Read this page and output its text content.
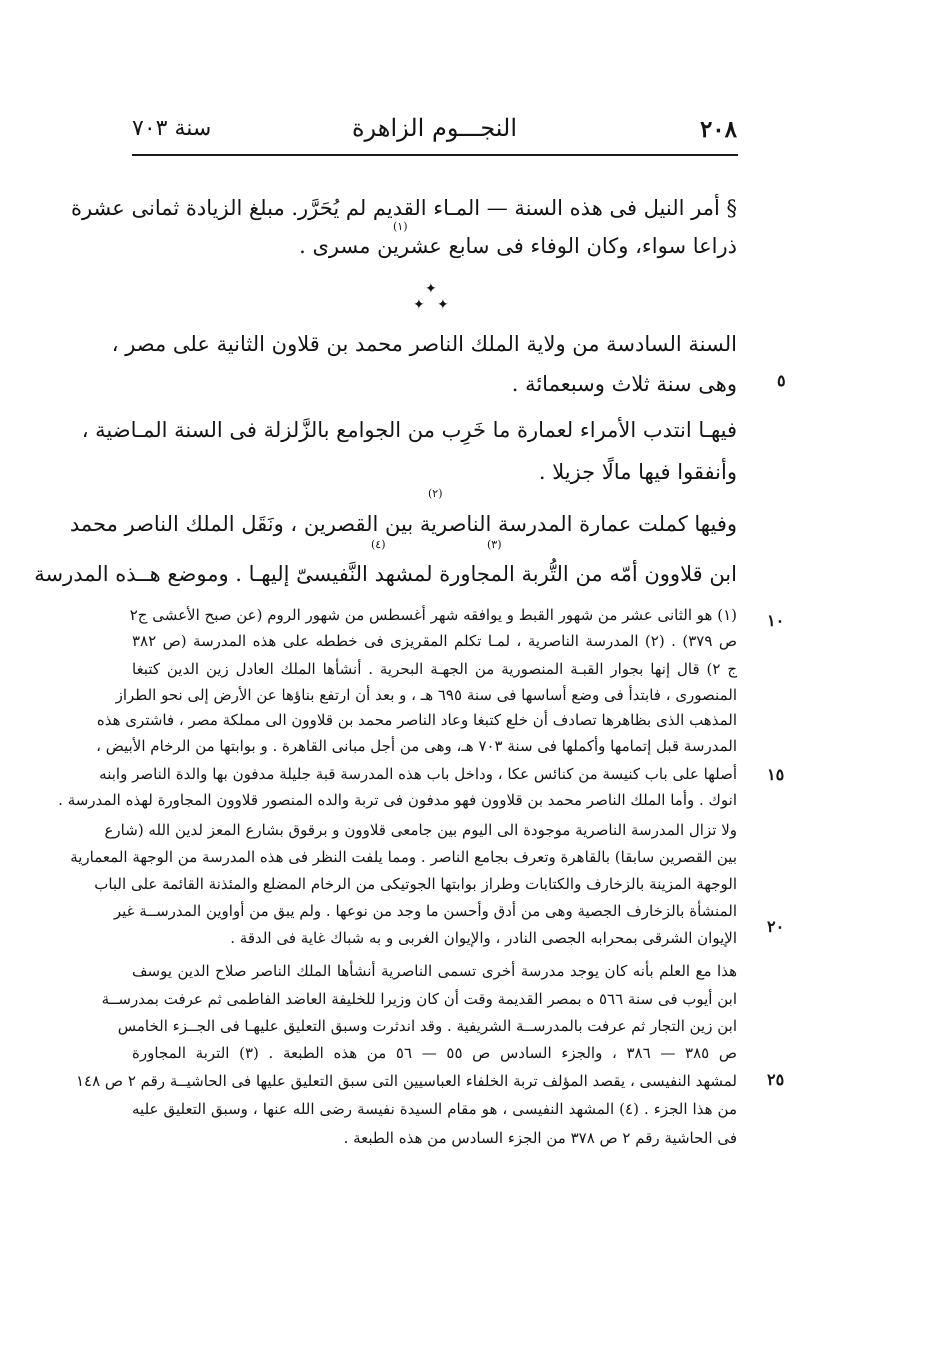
٢٠٨
النجـــوم الزاهرة
سنة ٧٠٣
§ أمر النيل فى هذه السنة — المـاء القديم لم يُحَرَّر. مبلغ الزيادة ثمانى عشرة
ذراعا سواء، وكان الوفاء فى سابع عشرين مسرى .
السنة السادسة من ولاية الملك الناصر محمد بن قلاون الثانية على مصر ،
وهى سنة ثلاث وسبعمائة .
فيهـا انتدب الأمراء لعمارة ما خَرِب من الجوامع بالزَّلزلة فى السنة المـاضية ،
وأنفقوا فيها مالًا جزيلا .
وفيها كملت عمارة المدرسة الناصرية بين القصرين ، ونَقَل الملك الناصر محمد
ابن قلاوون أمّه من التُّربة المجاورة لمشهد النَّفيسىّ إليهـا . وموضع هــذه المدرسة
(١)
(٢)
(٣)
(٤)
✦
✦ ✦
٥
١٠
١٥
٢٠
٢٥
(١) هو الثانى عشر من شهور القبط و يوافقه شهر أغسطس من شهور الروم (عن صبح الأعشى ج٢
ص ٣٧٩) . (٢) المدرسة الناصرية ، لمـا تكلم المقريزى فى خططه على هذه المدرسة (ص ٣٨٢
ج ٢) قال إنها بجوار القبـة المنصورية من الجهـة البحرية . أنشأها الملك العادل زين الدين كتبغا
المنصورى ، فابتدأ فى وضع أساسها فى سنة ٦٩٥ هـ ، و بعد أن ارتفع بناؤها عن الأرض إلى نحو الطراز
المذهب الذى بظاهرها تصادف أن خلع كتبغا وعاد الناصر محمد بن قلاوون الى مملكة مصر ، فاشترى هذه
المدرسة قبل إتمامها وأكملها فى سنة ٧٠٣ هـ، وهى من أجل مبانى القاهرة . و بوابتها من الرخام الأبيض ،
أصلها على باب كنيسة من كنائس عكا ، وداخل باب هذه المدرسة قبة جليلة مدفون بها والدة الناصر وابنه
انوك . وأما الملك الناصر محمد بن قلاوون فهو مدفون فى تربة والده المنصور قلاوون المجاورة لهذه المدرسة .
ولا تزال المدرسة الناصرية موجودة الى اليوم بين جامعى قلاوون و برقوق بشارع المعز لدين الله (شارع
بين القصرين سابقا) بالقاهرة وتعرف بجامع الناصر . ومما يلفت النظر فى هذه المدرسة من الوجهة المعمارية
الوجهة المزينة بالزخارف والكتابات وطراز بوابتها الجوتيكى من الرخام المضلع والمئذنة القائمة على الباب
المنشأة بالزخارف الجصية وهى من أدق وأحسن ما وجد من نوعها . ولم يبق من أواوين المدرســة غير
الإيوان الشرقى بمحرابه الجصى النادر ، والإيوان الغربى و به شباك غاية فى الدقة .
هذا مع العلم بأنه كان يوجد مدرسة أخرى تسمى الناصرية أنشأها الملك الناصر صلاح الدين يوسف
ابن أيوب فى سنة ٥٦٦ ه بمصر القديمة وقت أن كان وزيرا للخليفة العاضد الفاطمى ثم عرفت بمدرســة
ابن زين التجار ثم عرفت بالمدرســة الشريفية . وقد اندثرت وسبق التعليق عليهـا فى الجــزء الخامس
ص ٣٨٥ — ٣٨٦ ، والجزء السادس ص ٥٥ — ٥٦ من هذه الطبعة . (٣) التربة المجاورة
لمشهد النفيسى ، يقصد المؤلف تربة الخلفاء العباسيين التى سبق التعليق عليها فى الحاشيــة رقم ٢ ص ١٤٨
من هذا الجزء . (٤) المشهد النفيسى ، هو مقام السيدة نفيسة رضى الله عنها ، وسبق التعليق عليه
فى الحاشية رقم ٢ ص ٣٧٨ من الجزء السادس من هذه الطبعة .
